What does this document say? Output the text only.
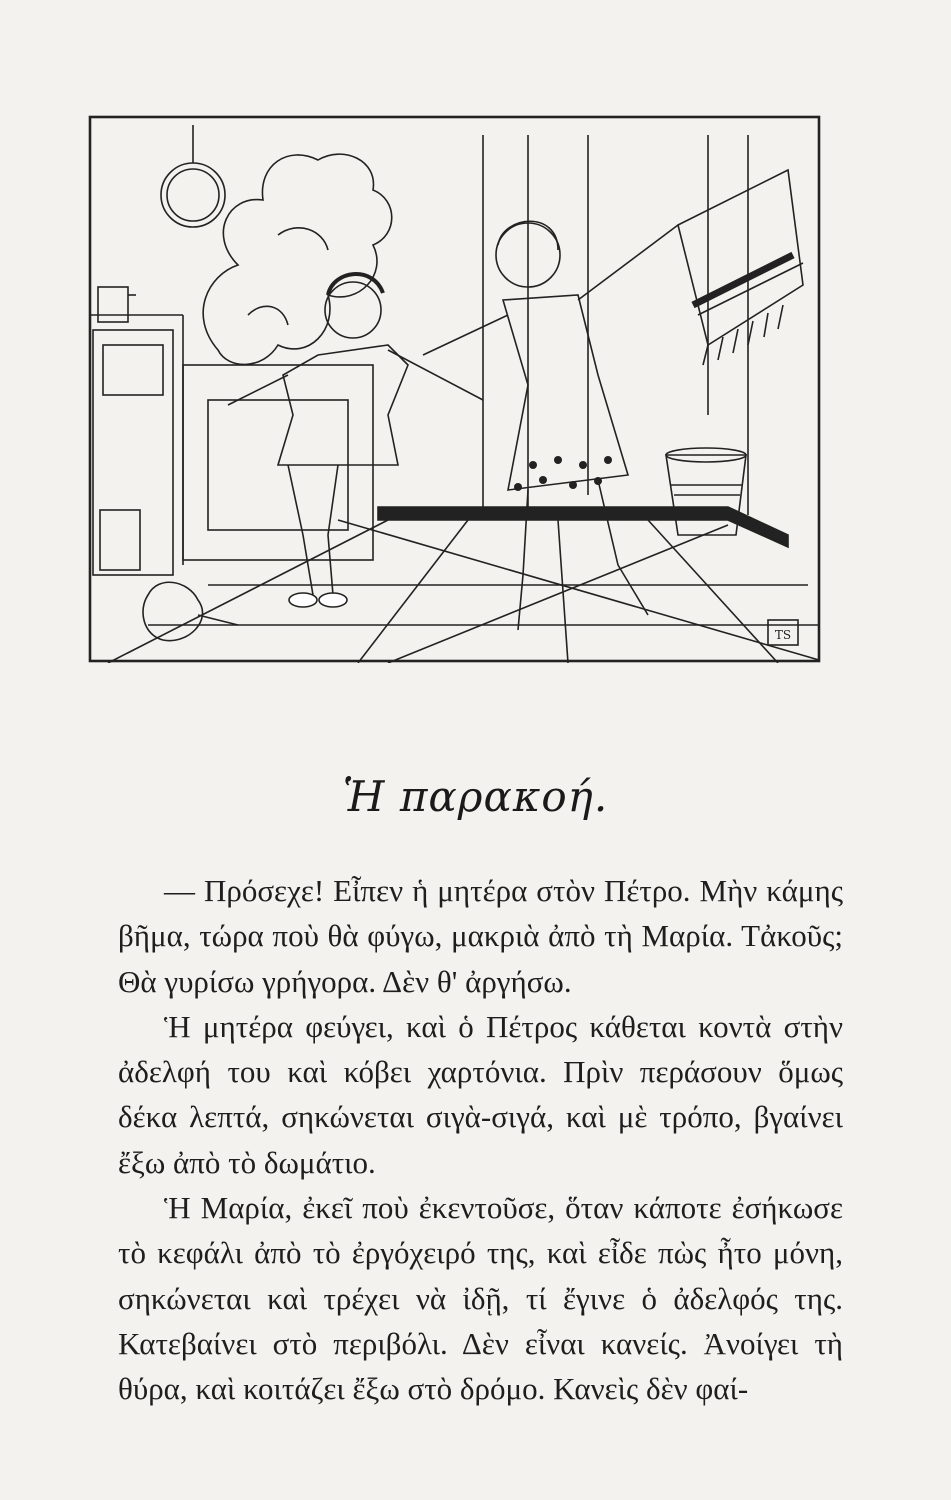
TS
Ἡ παρακοή.

— Πρόσεχε! Εἶπεν ἡ μητέρα στὸν Πέτρο. Μὴν κάμης βῆμα, τώρα ποὺ θὰ φύγω, μακριὰ ἀπὸ τὴ Μαρία. Τἀκοῦς; Θὰ γυρίσω γρήγορα. Δὲν θ' ἀργήσω.

Ἡ μητέρα φεύγει, καὶ ὁ Πέτρος κάθεται κοντὰ στὴν ἀδελφή του καὶ κόβει χαρτόνια. Πρὶν περάσουν ὅμως δέκα λεπτά, σηκώνεται σιγὰ-σιγά, καὶ μὲ τρόπο, βγαίνει ἔξω ἀπὸ τὸ δωμάτιο.

Ἡ Μαρία, ἐκεῖ ποὺ ἐκεντοῦσε, ὅταν κάποτε ἐσήκωσε τὸ κεφάλι ἀπὸ τὸ ἐργόχειρό της, καὶ εἶδε πὼς ἦτο μόνη, σηκώνεται καὶ τρέχει νὰ ἰδῇ, τί ἔγινε ὁ ἀδελφός της. Κατεβαίνει στὸ περιβόλι. Δὲν εἶναι κανείς. Ἀνοίγει τὴ θύρα, καὶ κοιτάζει ἔξω στὸ δρόμο. Κανεὶς δὲν φαί-
